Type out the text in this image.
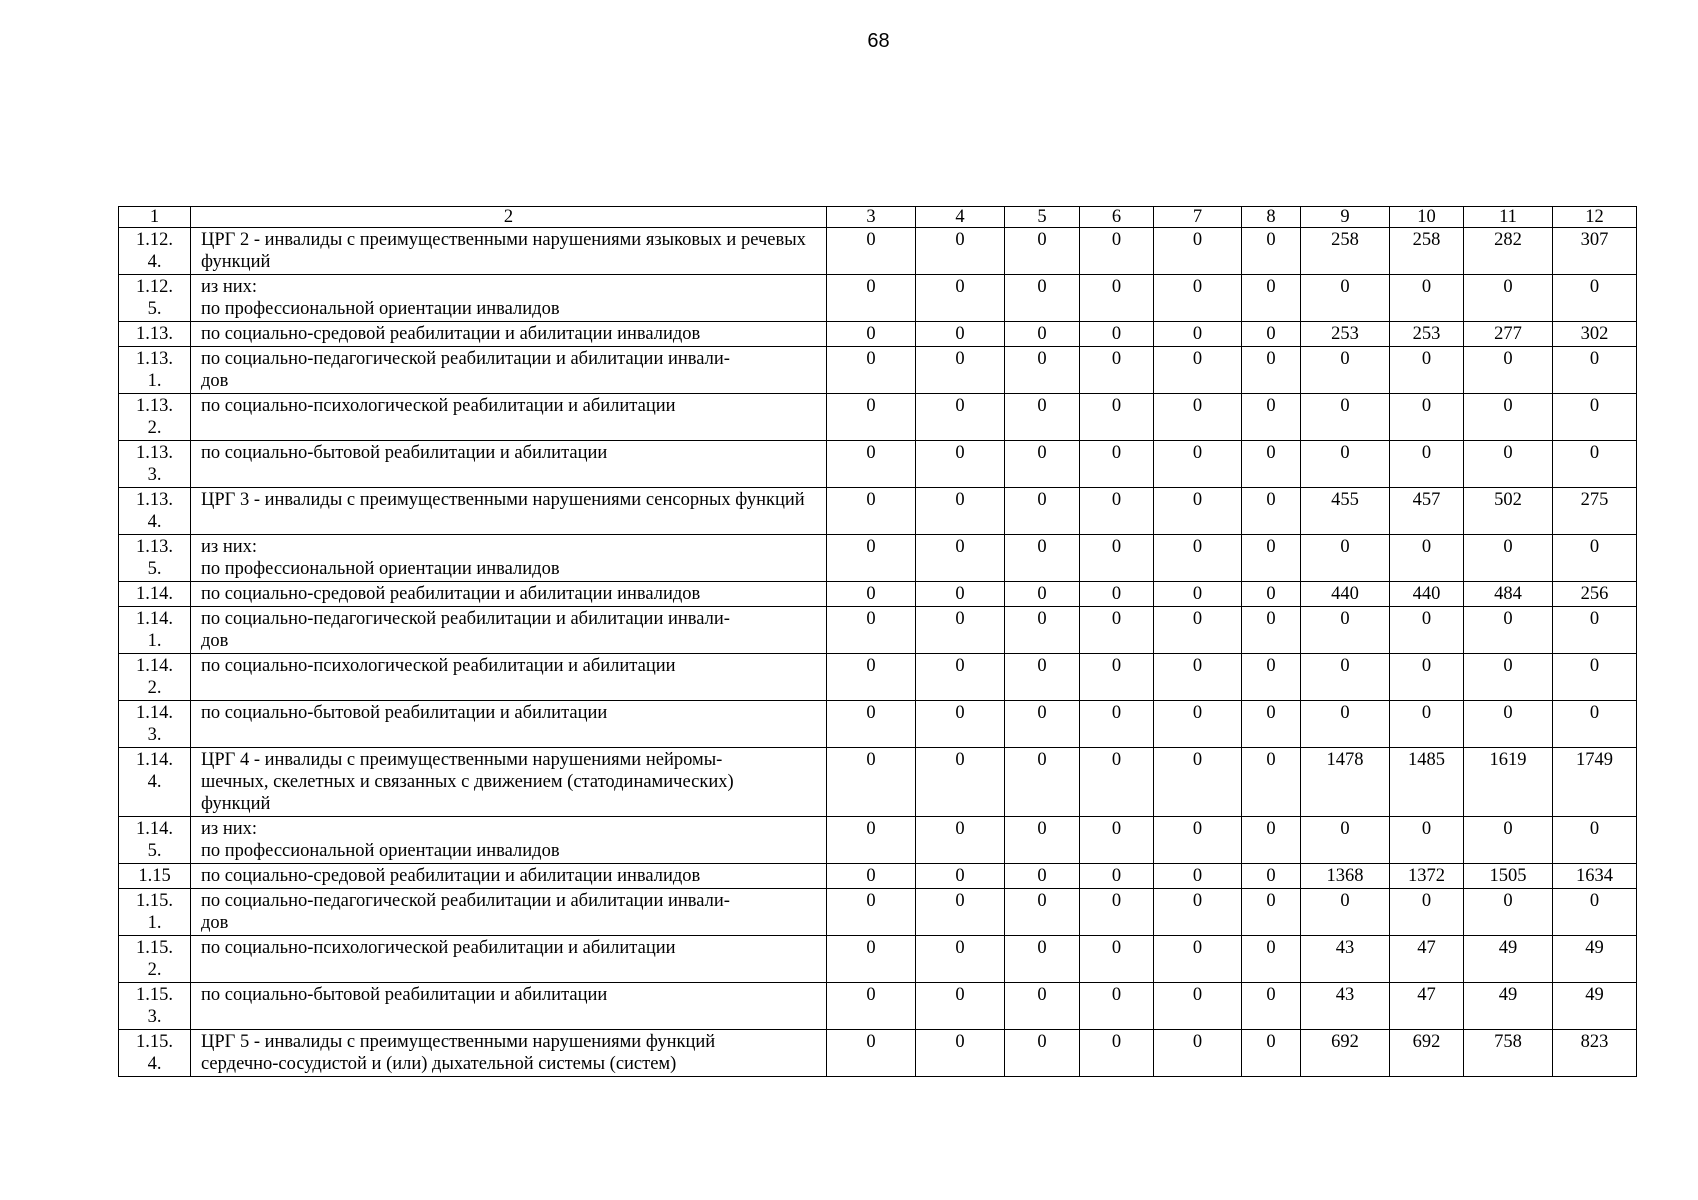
68
1	2	3	4	5	6	7	8	9	10	11	12
1.12.
4.	ЦРГ 2 - инвалиды с преимущественными нарушениями языковых и речевых функций	0	0	0	0	0	0	258	258	282	307
1.12.
5.	из них:
по профессиональной ориентации инвалидов	0	0	0	0	0	0	0	0	0	0
1.13.	по социально-средовой реабилитации и абилитации инвалидов	0	0	0	0	0	0	253	253	277	302
1.13.
1.	по социально-педагогической реабилитации и абилитации инвали-
дов	0	0	0	0	0	0	0	0	0	0
1.13.
2.	по социально-психологической реабилитации и абилитации	0	0	0	0	0	0	0	0	0	0
1.13.
3.	по социально-бытовой реабилитации и абилитации	0	0	0	0	0	0	0	0	0	0
1.13.
4.	ЦРГ 3 - инвалиды с преимущественными нарушениями сенсорных функций	0	0	0	0	0	0	455	457	502	275
1.13.
5.	из них:
по профессиональной ориентации инвалидов	0	0	0	0	0	0	0	0	0	0
1.14.	по социально-средовой реабилитации и абилитации инвалидов	0	0	0	0	0	0	440	440	484	256
1.14.
1.	по социально-педагогической реабилитации и абилитации инвали-
дов	0	0	0	0	0	0	0	0	0	0
1.14.
2.	по социально-психологической реабилитации и абилитации	0	0	0	0	0	0	0	0	0	0
1.14.
3.	по социально-бытовой реабилитации и абилитации	0	0	0	0	0	0	0	0	0	0
1.14.
4.	ЦРГ 4 - инвалиды с преимущественными нарушениями нейромы-
шечных, скелетных и связанных с движением (статодинамических)
функций	0	0	0	0	0	0	1478	1485	1619	1749
1.14.
5.	из них:
по профессиональной ориентации инвалидов	0	0	0	0	0	0	0	0	0	0
1.15	по социально-средовой реабилитации и абилитации инвалидов	0	0	0	0	0	0	1368	1372	1505	1634
1.15.
1.	по социально-педагогической реабилитации и абилитации инвали-
дов	0	0	0	0	0	0	0	0	0	0
1.15.
2.	по социально-психологической реабилитации и абилитации	0	0	0	0	0	0	43	47	49	49
1.15.
3.	по социально-бытовой реабилитации и абилитации	0	0	0	0	0	0	43	47	49	49
1.15.
4.	ЦРГ 5 - инвалиды с преимущественными нарушениями функций
сердечно-сосудистой и (или) дыхательной системы (систем)	0	0	0	0	0	0	692	692	758	823
